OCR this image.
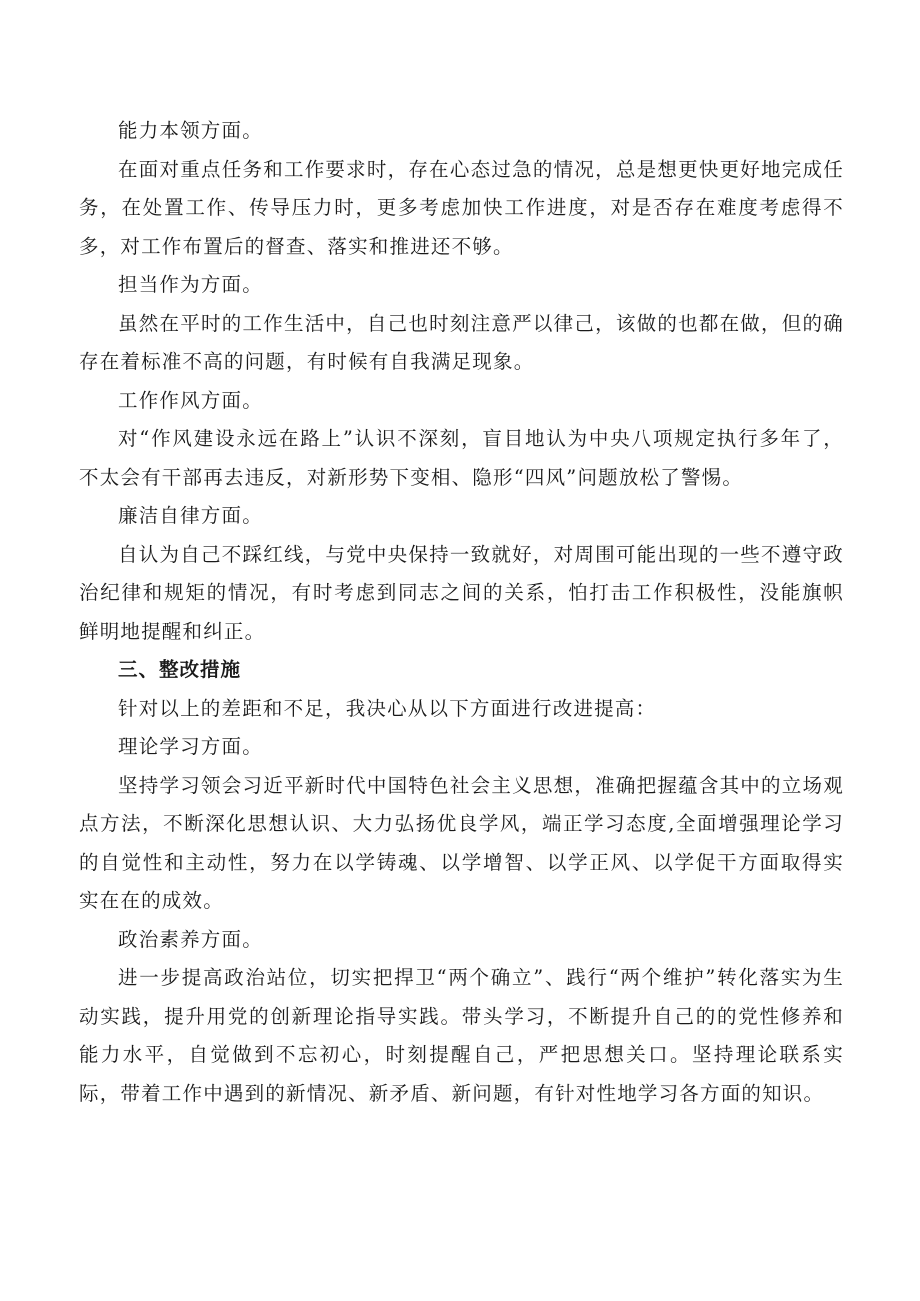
能力本领方面。

在面对重点任务和工作要求时，存在心态过急的情况，总是想更快更好地完成任务，在处置工作、传导压力时，更多考虑加快工作进度，对是否存在难度考虑得不多，对工作布置后的督查、落实和推进还不够。

担当作为方面。

虽然在平时的工作生活中，自己也时刻注意严以律己，该做的也都在做，但的确存在着标准不高的问题，有时候有自我满足现象。

工作作风方面。

对“作风建设永远在路上”认识不深刻，盲目地认为中央八项规定执行多年了，不太会有干部再去违反，对新形势下变相、隐形“四风”问题放松了警惕。

廉洁自律方面。

自认为自己不踩红线，与党中央保持一致就好，对周围可能出现的一些不遵守政治纪律和规矩的情况，有时考虑到同志之间的关系，怕打击工作积极性，没能旗帜鲜明地提醒和纠正。

三、整改措施

针对以上的差距和不足，我决心从以下方面进行改进提高：

理论学习方面。

坚持学习领会习近平新时代中国特色社会主义思想，准确把握蕴含其中的立场观点方法，不断深化思想认识、大力弘扬优良学风，端正学习态度,全面增强理论学习的自觉性和主动性，努力在以学铸魂、以学增智、以学正风、以学促干方面取得实实在在的成效。

政治素养方面。

进一步提高政治站位，切实把捍卫“两个确立”、践行“两个维护”转化落实为生动实践，提升用党的创新理论指导实践。带头学习，不断提升自己的的党性修养和能力水平，自觉做到不忘初心，时刻提醒自己，严把思想关口。坚持理论联系实际，带着工作中遇到的新情况、新矛盾、新问题，有针对性地学习各方面的知识。
